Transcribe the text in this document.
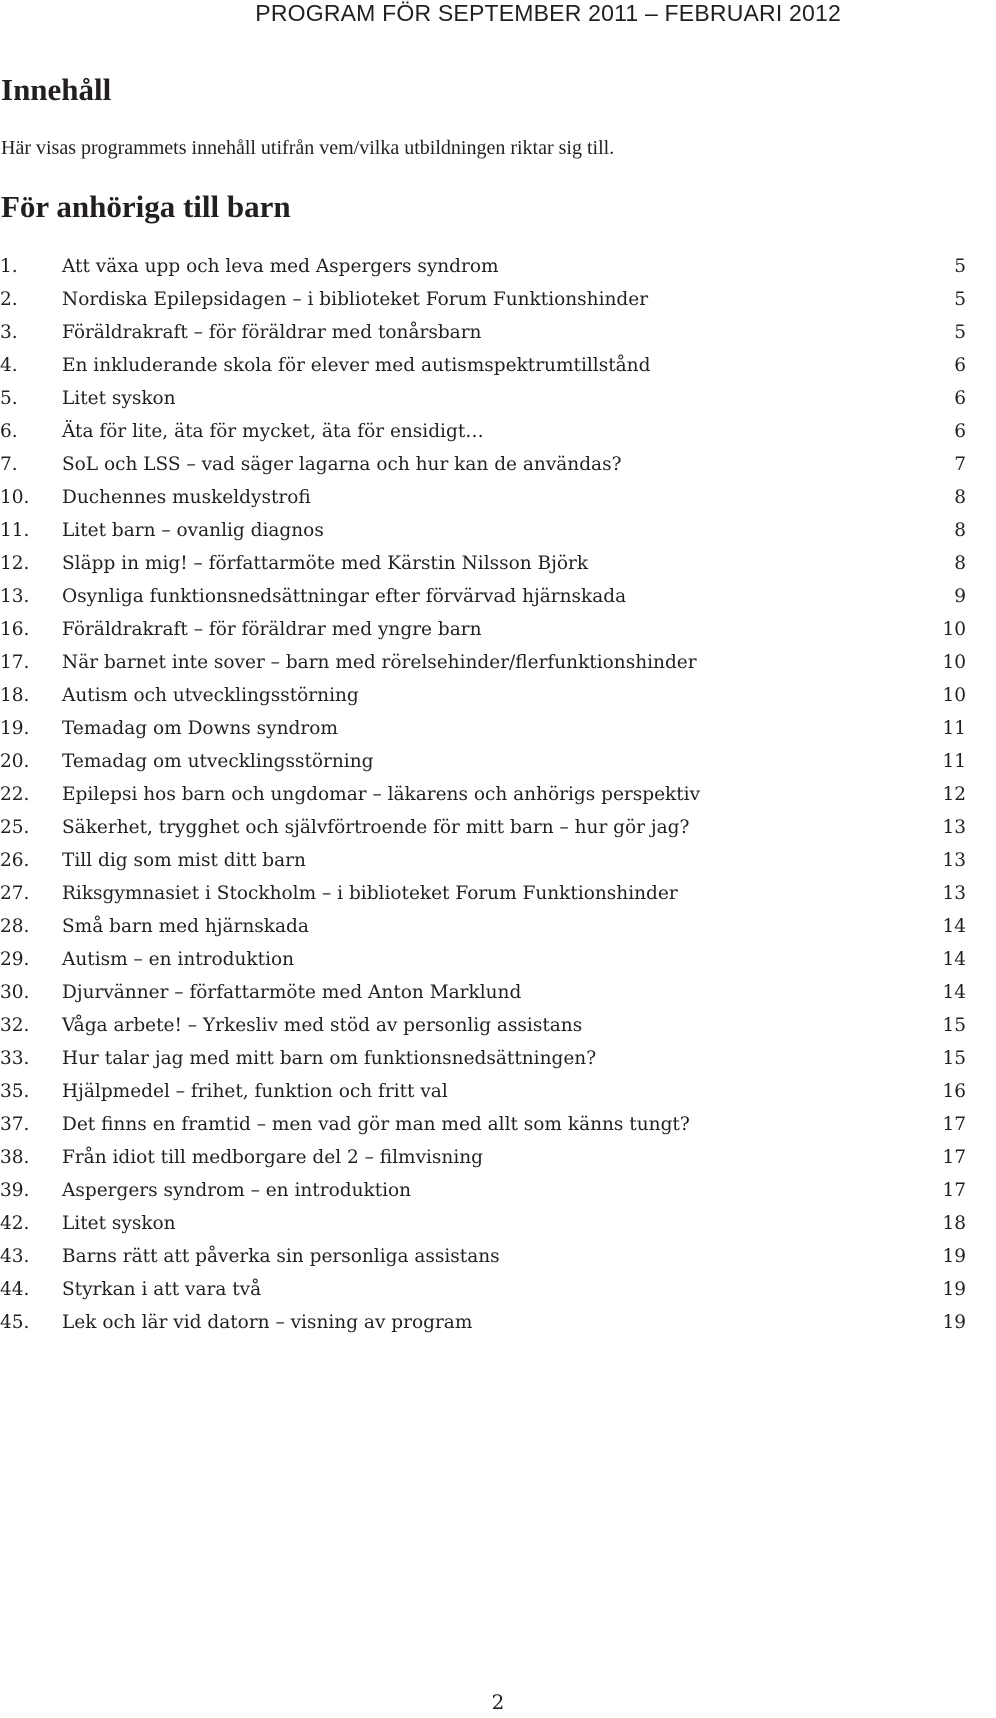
PROGRAM FÖR SEPTEMBER 2011 – FEBRUARI 2012
Innehåll

Här visas programmets innehåll utifrån vem/vilka utbildningen riktar sig till.

För anhöriga till barn
1.	Att växa upp och leva med Aspergers syndrom	5
2.	Nordiska Epilepsidagen – i biblioteket Forum Funktionshinder	5
3.	Föräldrakraft – för föräldrar med tonårsbarn	5
4.	En inkluderande skola för elever med autismspektrumtillstånd	6
5.	Litet syskon	6
6.	Äta för lite, äta för mycket, äta för ensidigt…	6
7.	SoL och LSS – vad säger lagarna och hur kan de användas?	7
10.	Duchennes muskeldystrofi	8
11.	Litet barn – ovanlig diagnos	8
12.	Släpp in mig! – författarmöte med Kärstin Nilsson Björk	8
13.	Osynliga funktionsnedsättningar efter förvärvad hjärnskada	9
16.	Föräldrakraft – för föräldrar med yngre barn	10
17.	När barnet inte sover – barn med rörelsehinder/flerfunktionshinder	10
18.	Autism och utvecklingsstörning	10
19.	Temadag om Downs syndrom	11
20.	Temadag om utvecklingsstörning	11
22.	Epilepsi hos barn och ungdomar – läkarens och anhörigs perspektiv	12
25.	Säkerhet, trygghet och självförtroende för mitt barn – hur gör jag?	13
26.	Till dig som mist ditt barn	13
27.	Riksgymnasiet i Stockholm – i biblioteket Forum Funktionshinder	13
28.	Små barn med hjärnskada	14
29.	Autism – en introduktion	14
30.	Djurvänner – författarmöte med Anton Marklund	14
32.	Våga arbete! – Yrkesliv med stöd av personlig assistans	15
33.	Hur talar jag med mitt barn om funktionsnedsättningen?	15
35.	Hjälpmedel – frihet, funktion och fritt val	16
37.	Det finns en framtid – men vad gör man med allt som känns tungt?	17
38.	Från idiot till medborgare del 2 – filmvisning	17
39.	Aspergers syndrom – en introduktion	17
42.	Litet syskon	18
43.	Barns rätt att påverka sin personliga assistans	19
44.	Styrkan i att vara två	19
45.	Lek och lär vid datorn – visning av program	19
2
